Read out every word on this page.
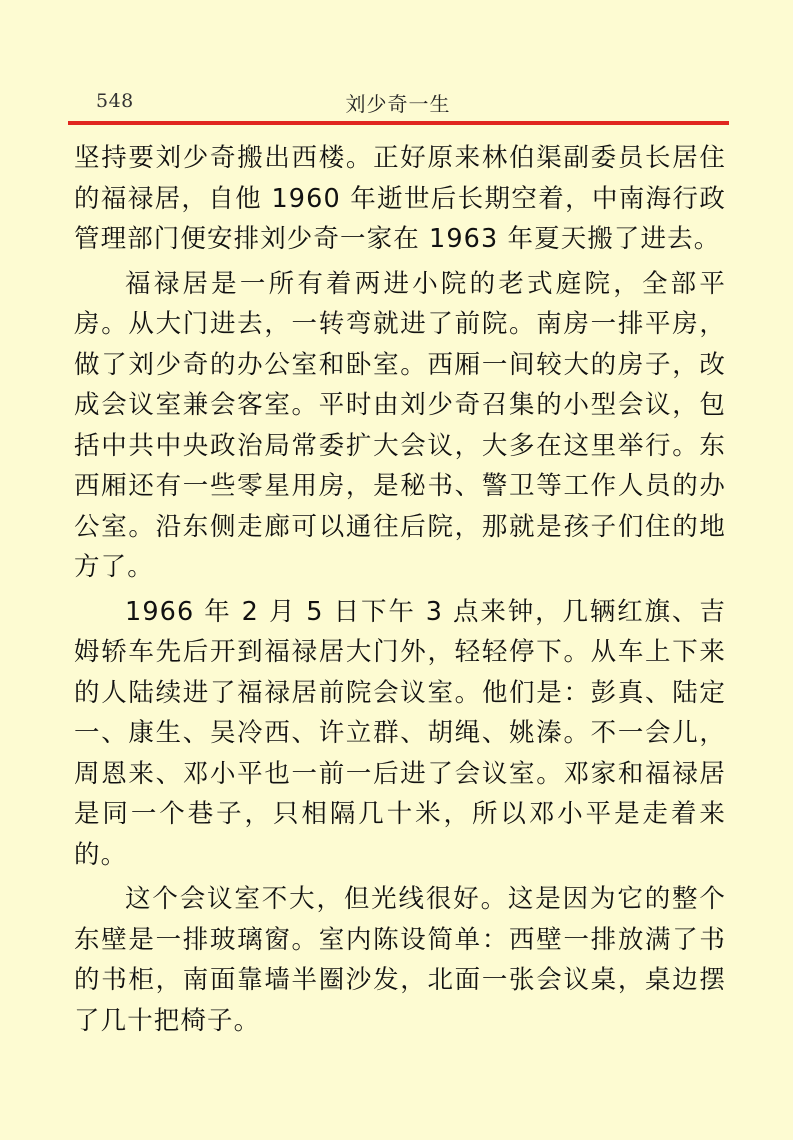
548	刘少奇一生

坚持要刘少奇搬出西楼。正好原来林伯渠副委员长居住的福禄居，自他 1960 年逝世后长期空着，中南海行政管理部门便安排刘少奇一家在 1963 年夏天搬了进去。

福禄居是一所有着两进小院的老式庭院，全部平房。从大门进去，一转弯就进了前院。南房一排平房，做了刘少奇的办公室和卧室。西厢一间较大的房子，改成会议室兼会客室。平时由刘少奇召集的小型会议，包括中共中央政治局常委扩大会议，大多在这里举行。东西厢还有一些零星用房，是秘书、警卫等工作人员的办公室。沿东侧走廊可以通往后院，那就是孩子们住的地方了。

1966 年 2 月 5 日下午 3 点来钟，几辆红旗、吉姆轿车先后开到福禄居大门外，轻轻停下。从车上下来的人陆续进了福禄居前院会议室。他们是：彭真、陆定一、康生、吴冷西、许立群、胡绳、姚溱。不一会儿，周恩来、邓小平也一前一后进了会议室。邓家和福禄居是同一个巷子，只相隔几十米，所以邓小平是走着来的。

这个会议室不大，但光线很好。这是因为它的整个东壁是一排玻璃窗。室内陈设简单：西壁一排放满了书的书柜，南面靠墙半圈沙发，北面一张会议桌，桌边摆了几十把椅子。
